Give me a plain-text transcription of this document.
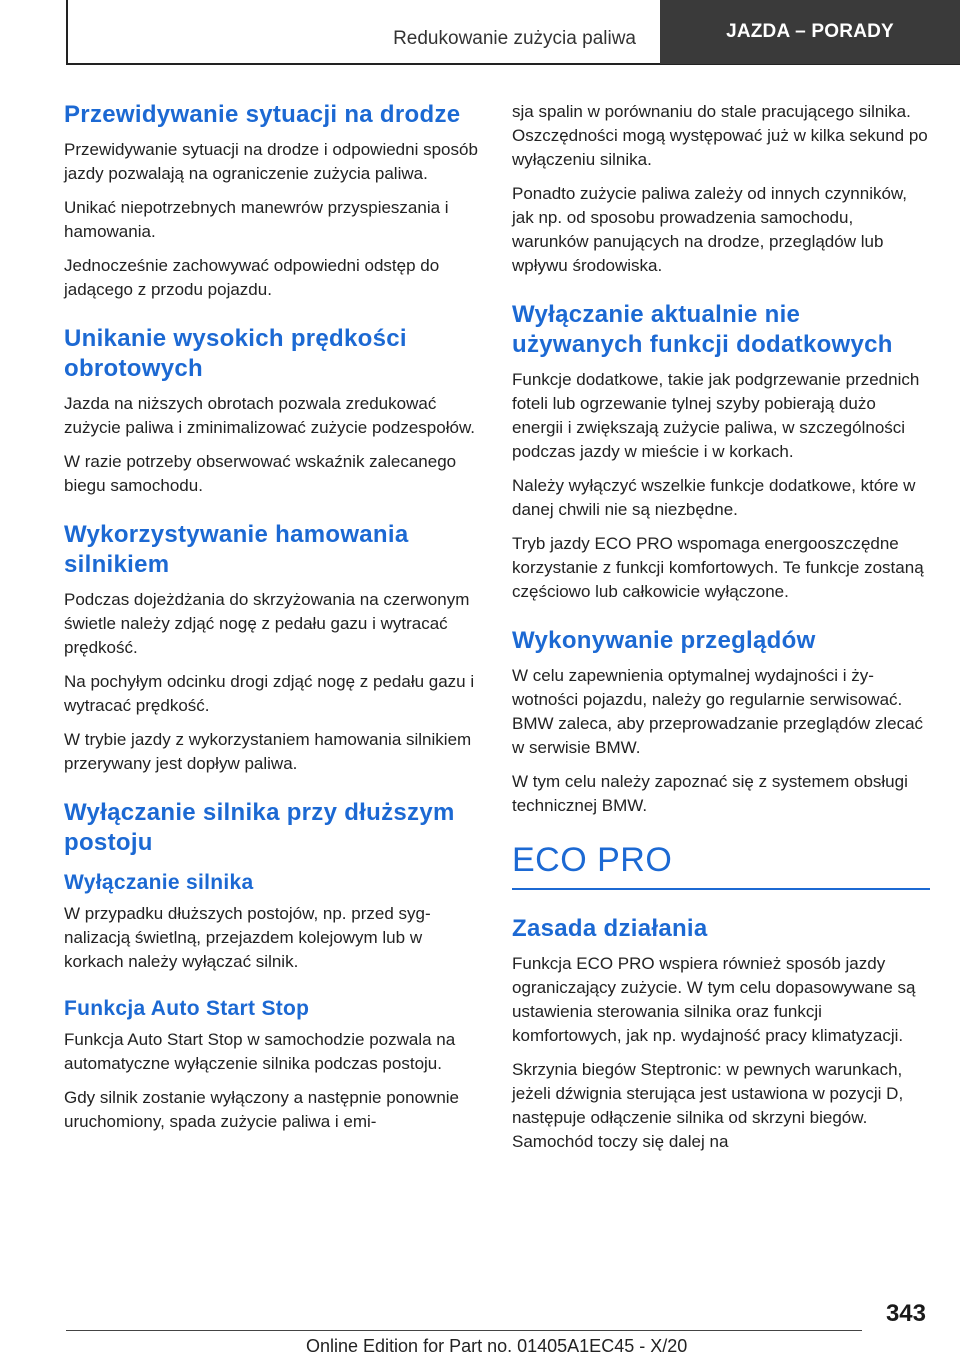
Redukowanie zużycia paliwa	JAZDA – PORADY
Przewidywanie sytuacji na drodze

Przewidywanie sytuacji na drodze i odpowiedni sposób jazdy pozwalają na ograniczenie zużycia paliwa.

Unikać niepotrzebnych manewrów przyspieszania i hamowania.

Jednocześnie zachowywać odpowiedni odstęp do jadącego z przodu pojazdu.

Unikanie wysokich prędkości obrotowych

Jazda na niższych obrotach pozwala zredukować zużycie paliwa i zminimalizować zużycie podzespołów.

W razie potrzeby obserwować wskaźnik zalecanego biegu samochodu.

Wykorzystywanie hamowania silnikiem

Podczas dojeżdżania do skrzyżowania na czerwonym świetle należy zdjąć nogę z pedału gazu i wytracać prędkość.

Na pochyłym odcinku drogi zdjąć nogę z pedału gazu i wytracać prędkość.

W trybie jazdy z wykorzystaniem hamowania silnikiem przerywany jest dopływ paliwa.

Wyłączanie silnika przy dłuższym postoju
Wyłączanie silnika

W przypadku dłuższych postojów, np. przed sygnalizacją świetlną, przejazdem kolejowym lub w korkach należy wyłączać silnik.

Funkcja Auto Start Stop

Funkcja Auto Start Stop w samochodzie pozwala na automatyczne wyłączenie silnika podczas postoju.

Gdy silnik zostanie wyłączony a następnie ponownie uruchomiony, spada zużycie paliwa i emi-

sja spalin w porównaniu do stale pracującego silnika. Oszczędności mogą występować już w kilka sekund po wyłączeniu silnika.

Ponadto zużycie paliwa zależy od innych czynników, jak np. od sposobu prowadzenia samochodu, warunków panujących na drodze, przeglądów lub wpływu środowiska.

Wyłączanie aktualnie nie używanych funkcji dodatkowych

Funkcje dodatkowe, takie jak podgrzewanie przednich foteli lub ogrzewanie tylnej szyby pobierają dużo energii i zwiększają zużycie paliwa, w szczególności podczas jazdy w mieście i w korkach.

Należy wyłączyć wszelkie funkcje dodatkowe, które w danej chwili nie są niezbędne.

Tryb jazdy ECO PRO wspomaga energooszczędne korzystanie z funkcji komfortowych. Te funkcje zostaną częściowo lub całkowicie wyłączone.

Wykonywanie przeglądów

W celu zapewnienia optymalnej wydajności i żywotności pojazdu, należy go regularnie serwisować. BMW zaleca, aby przeprowadzanie przeglądów zlecać w serwisie BMW.

W tym celu należy zapoznać się z systemem obsługi technicznej BMW.

ECO PRO
Zasada działania

Funkcja ECO PRO wspiera również sposób jazdy ograniczający zużycie. W tym celu dopasowywane są ustawienia sterowania silnika oraz funkcji komfortowych, jak np. wydajność pracy klimatyzacji.

Skrzynia biegów Steptronic: w pewnych warunkach, jeżeli dźwignia sterująca jest ustawiona w pozycji D, następuje odłączenie silnika od skrzyni biegów. Samochód toczy się dalej na

343
Online Edition for Part no. 01405A1EC45 - X/20
